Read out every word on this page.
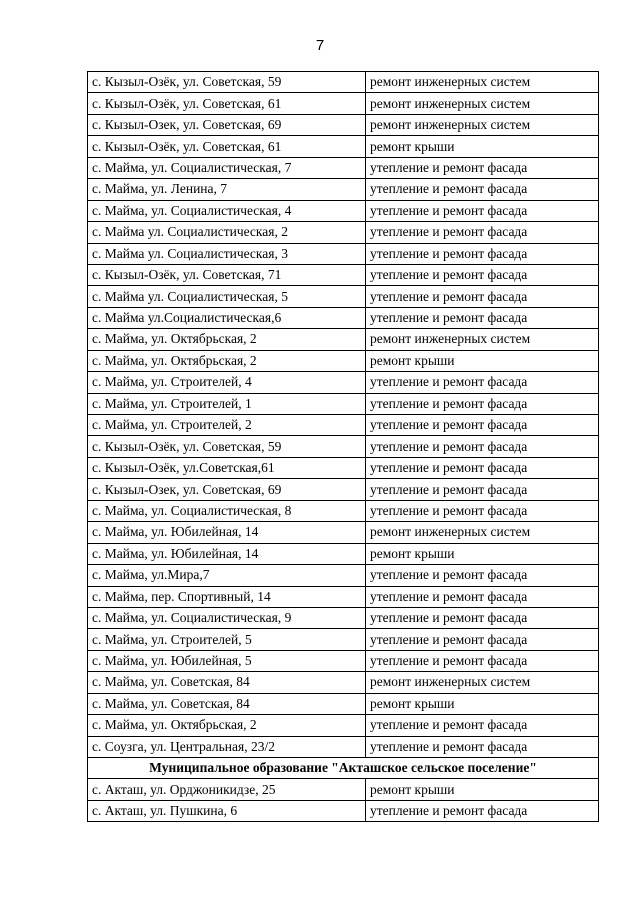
7
с. Кызыл-Озёк, ул. Советская, 59	ремонт инженерных систем
с. Кызыл-Озёк, ул. Советская, 61	ремонт инженерных систем
с. Кызыл-Озек, ул. Советская, 69	ремонт инженерных систем
с. Кызыл-Озёк, ул. Советская, 61	ремонт крыши
с. Майма, ул. Социалистическая, 7	утепление и ремонт фасада
с. Майма, ул. Ленина, 7	утепление и ремонт фасада
с. Майма, ул. Социалистическая, 4	утепление и ремонт фасада
с. Майма ул. Социалистическая, 2	утепление и ремонт фасада
с. Майма ул. Социалистическая, 3	утепление и ремонт фасада
с. Кызыл-Озёк, ул. Советская, 71	утепление и ремонт фасада
с. Майма ул. Социалистическая, 5	утепление и ремонт фасада
с. Майма ул.Социалистическая,6	утепление и ремонт фасада
с. Майма, ул. Октябрьская, 2	ремонт инженерных систем
с. Майма, ул. Октябрьская, 2	ремонт крыши
с. Майма, ул. Строителей, 4	утепление и ремонт фасада
с. Майма, ул. Строителей, 1	утепление и ремонт фасада
с. Майма, ул. Строителей, 2	утепление и ремонт фасада
с. Кызыл-Озёк, ул. Советская, 59	утепление и ремонт фасада
с. Кызыл-Озёк, ул.Советская,61	утепление и ремонт фасада
с. Кызыл-Озек, ул. Советская, 69	утепление и ремонт фасада
с. Майма, ул. Социалистическая, 8	утепление и ремонт фасада
с. Майма, ул. Юбилейная, 14	ремонт инженерных систем
с. Майма, ул. Юбилейная, 14	ремонт крыши
с. Майма, ул.Мира,7	утепление и ремонт фасада
с. Майма, пер. Спортивный, 14	утепление и ремонт фасада
с. Майма, ул. Социалистическая, 9	утепление и ремонт фасада
с. Майма, ул. Строителей, 5	утепление и ремонт фасада
с. Майма, ул. Юбилейная, 5	утепление и ремонт фасада
с. Майма, ул. Советская, 84	ремонт инженерных систем
с. Майма, ул. Советская, 84	ремонт крыши
с. Майма, ул. Октябрьская, 2	утепление и ремонт фасада
с. Соузга, ул. Центральная, 23/2	утепление и ремонт фасада
Муниципальное образование "Акташское сельское поселение"	
с. Акташ, ул. Орджоникидзе, 25	ремонт крыши
с. Акташ, ул. Пушкина, 6	утепление и ремонт фасада
